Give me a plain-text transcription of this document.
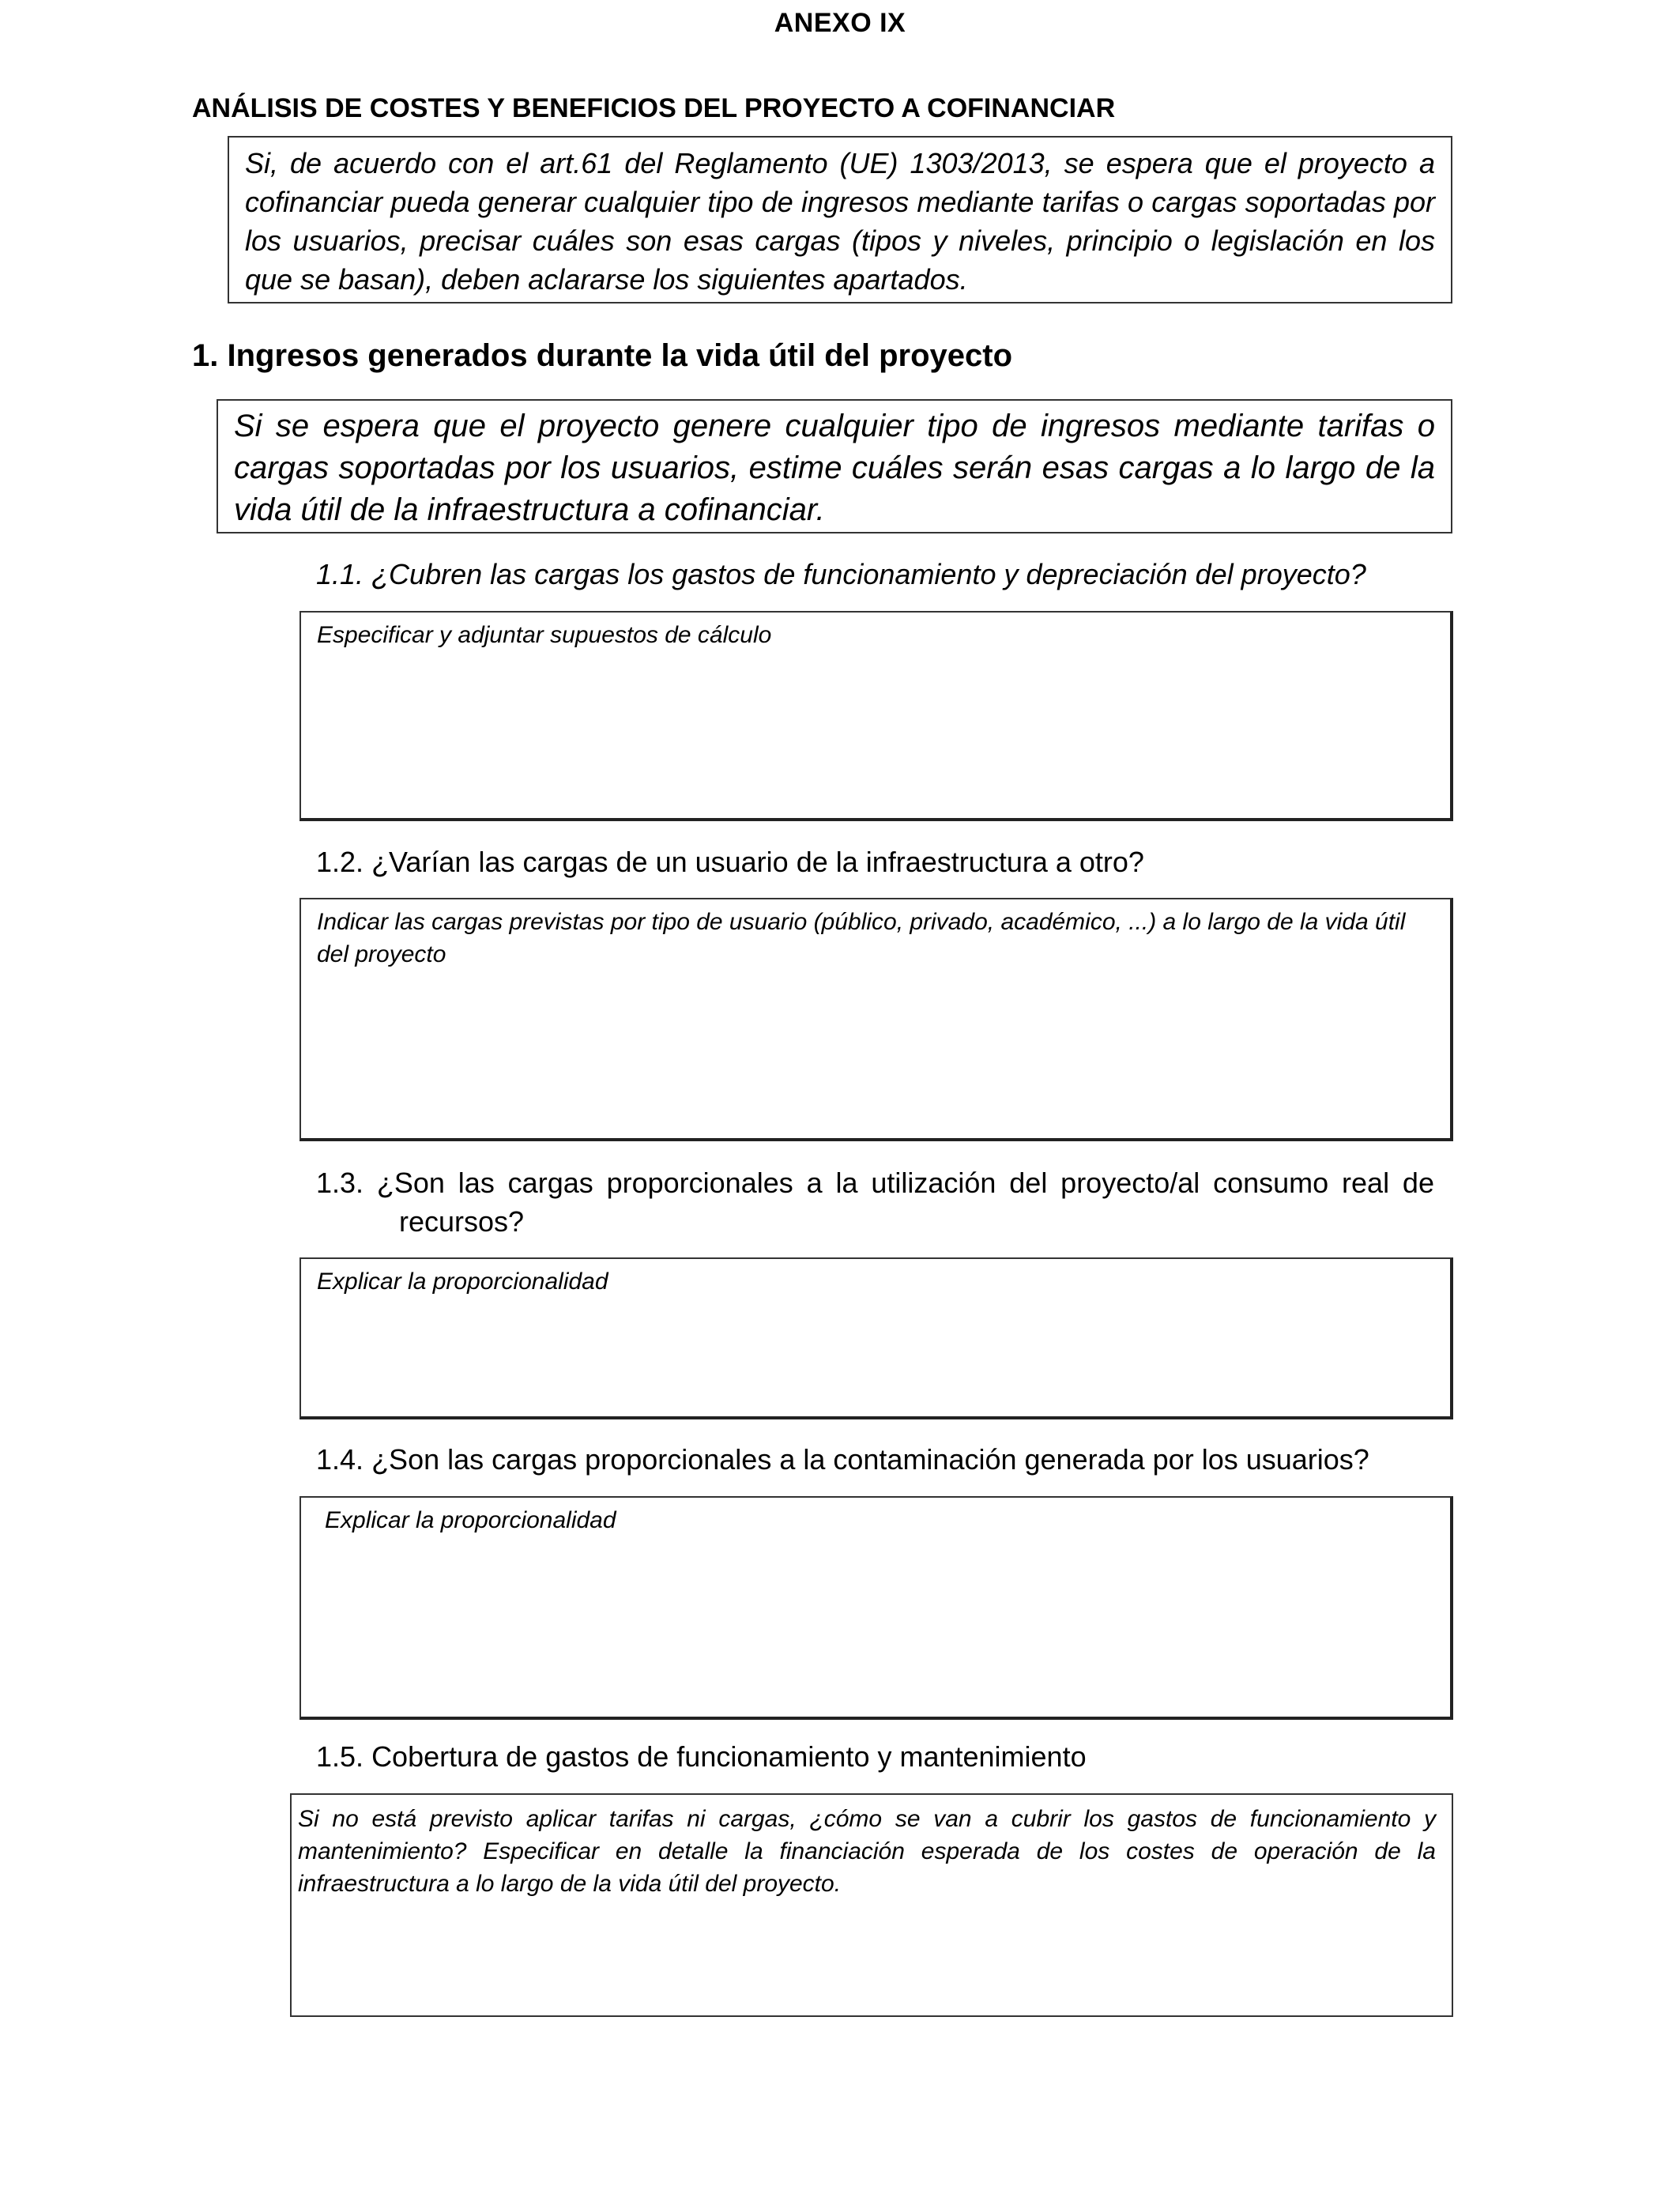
ANEXO IX
ANÁLISIS DE COSTES Y BENEFICIOS DEL PROYECTO A COFINANCIAR
Si, de acuerdo con el art.61 del Reglamento (UE) 1303/2013, se espera que el proyecto a cofinanciar pueda generar cualquier tipo de ingresos mediante tarifas o cargas soportadas por los usuarios, precisar cuáles son esas cargas (tipos y niveles, principio o legislación en los que se basan), deben aclararse los siguientes apartados.
1. Ingresos generados durante la vida útil del proyecto
Si se espera que el proyecto genere cualquier tipo de ingresos mediante tarifas o cargas soportadas por los usuarios, estime cuáles serán esas cargas a lo largo de la vida útil de la infraestructura a cofinanciar.
1.1. ¿Cubren las cargas los gastos de funcionamiento y depreciación del proyecto?
Especificar y adjuntar supuestos de cálculo
1.2. ¿Varían las cargas de un usuario de la infraestructura a otro?
Indicar las cargas previstas por tipo de usuario (público, privado, académico, ...) a lo largo de la vida útil del proyecto
1.3. ¿Son las cargas proporcionales a la utilización del proyecto/al consumo real de
recursos?
Explicar la proporcionalidad
1.4. ¿Son las cargas proporcionales a la contaminación generada por los usuarios?
Explicar la proporcionalidad
1.5. Cobertura de gastos de funcionamiento y mantenimiento
Si no está previsto aplicar tarifas ni cargas, ¿cómo se van a cubrir los gastos de funcionamiento y mantenimiento? Especificar en detalle la financiación esperada de los costes de operación de la infraestructura a lo largo de la vida útil del proyecto.
